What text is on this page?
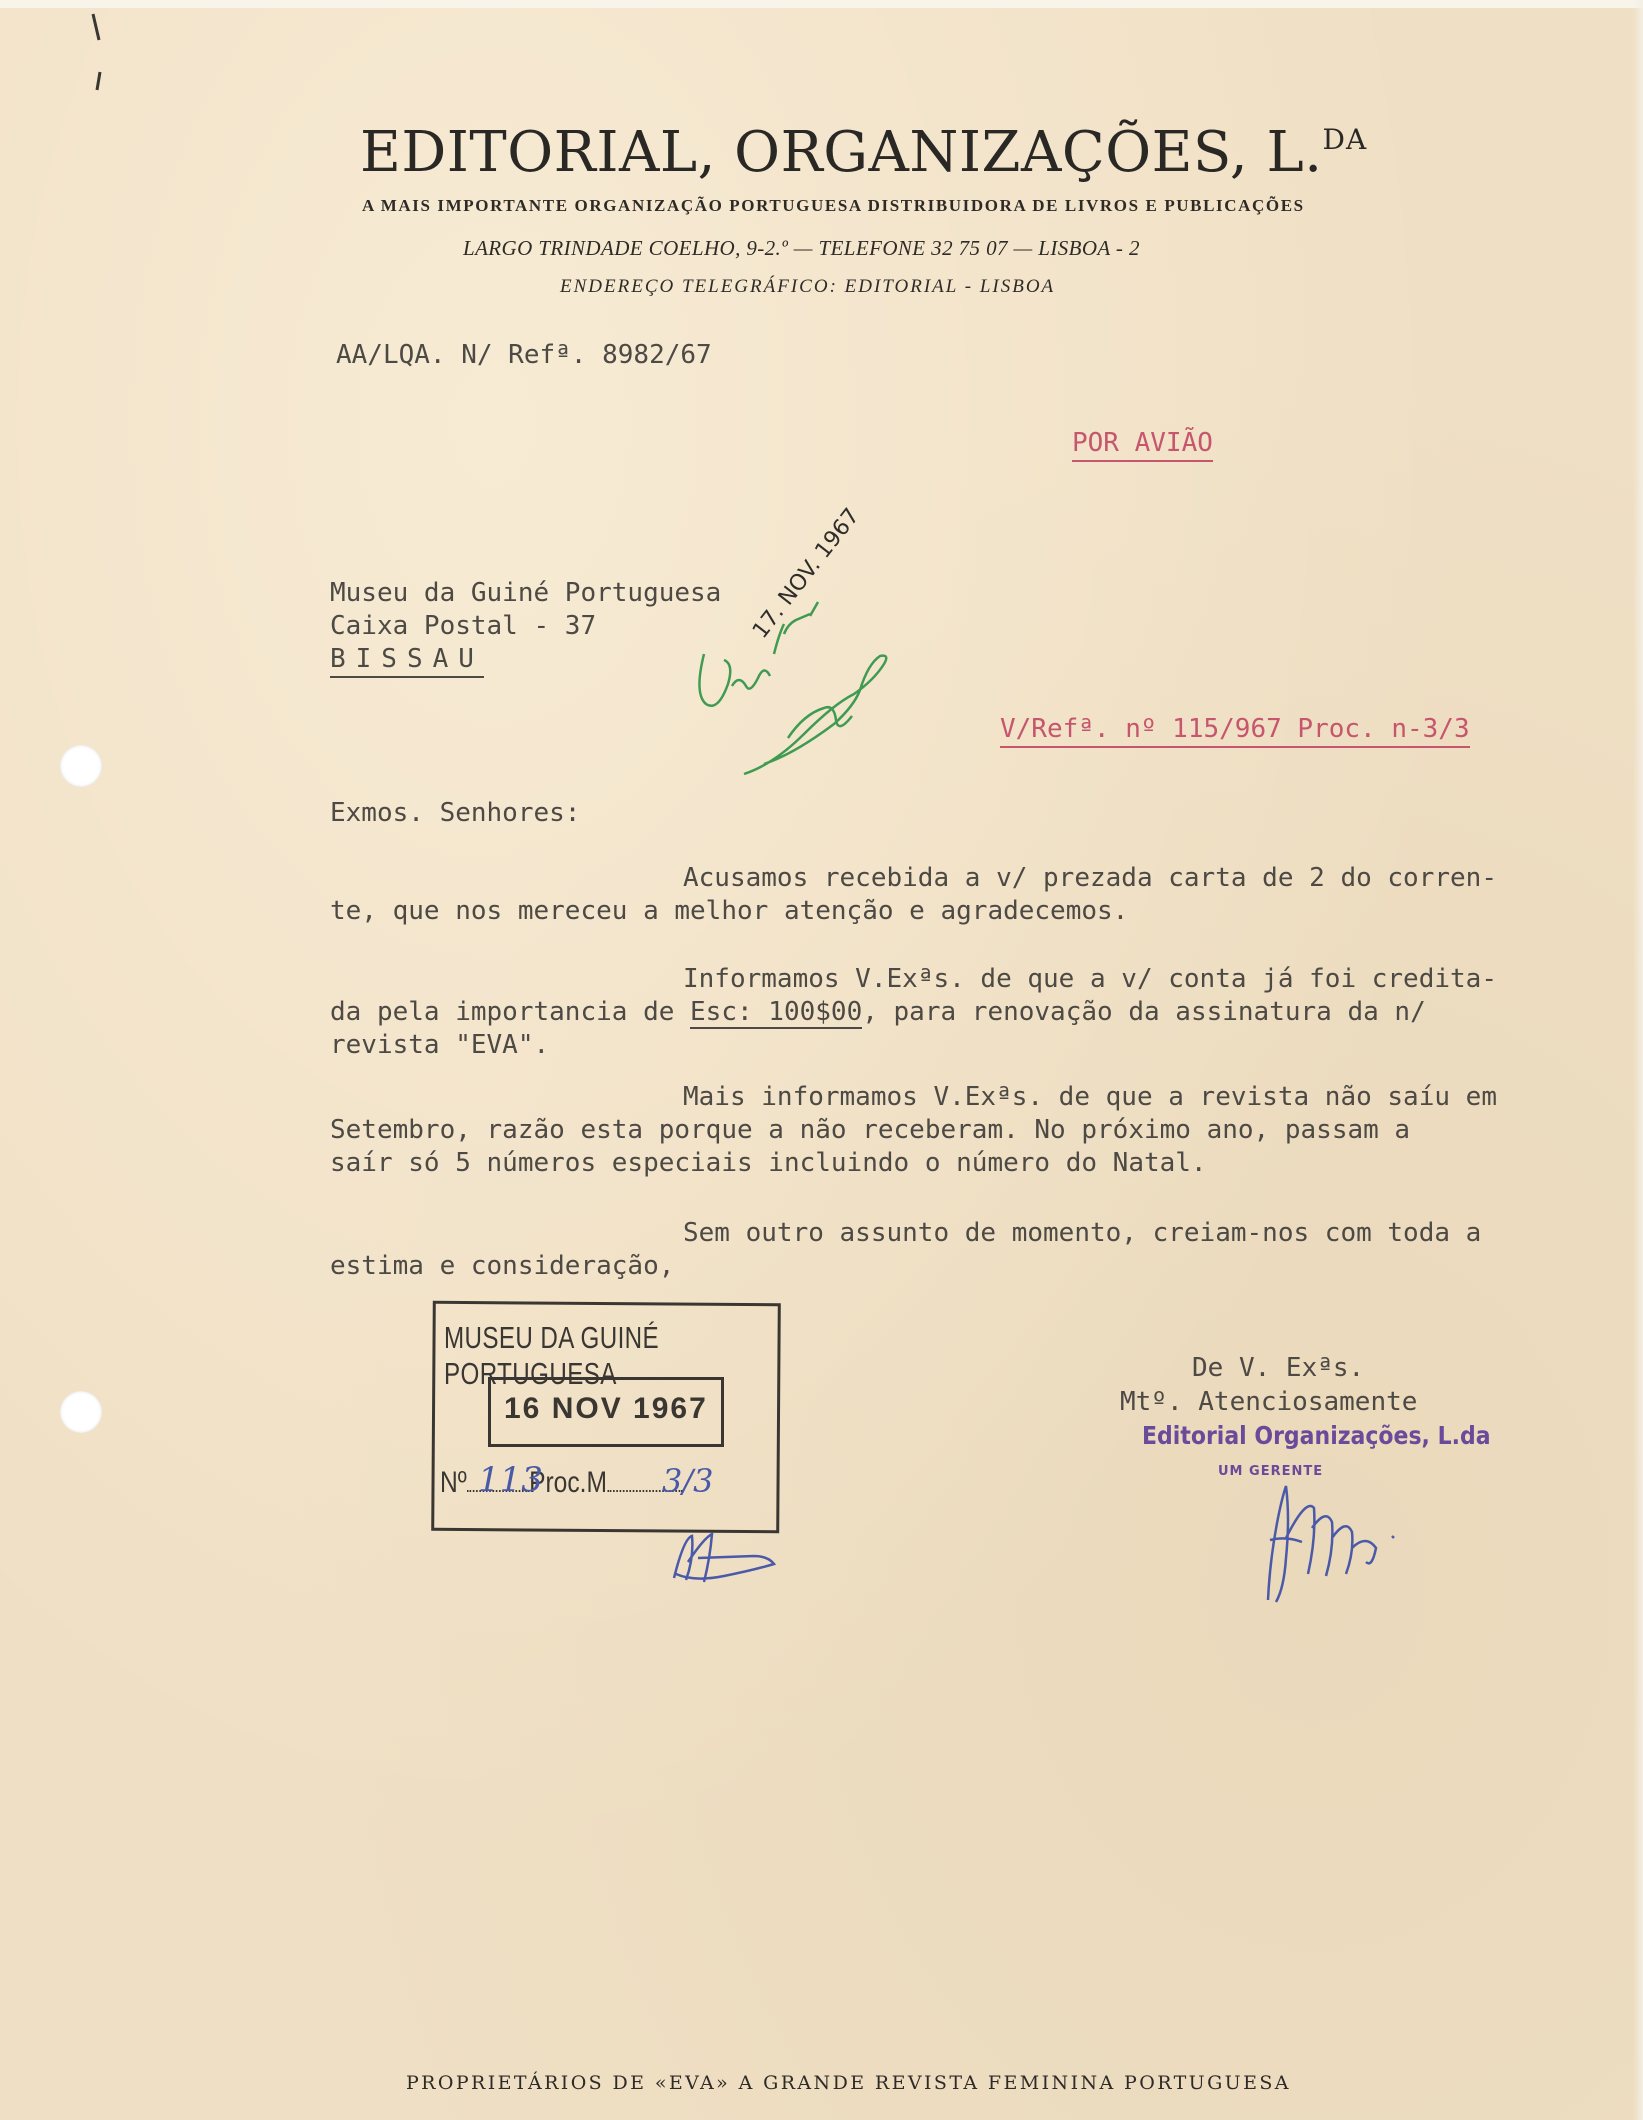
EDITORIAL, ORGANIZAÇÕES, L.$^{DA}$
A MAIS IMPORTANTE ORGANIZAÇÃO PORTUGUESA DISTRIBUIDORA DE LIVROS E PUBLICAÇÕES
LARGO TRINDADE COELHO, 9-2.º — TELEFONE 32 75 07 — LISBOA - 2
ENDEREÇO TELEGRÁFICO: EDITORIAL - LISBOA
AA/LQA. N/ Refª. 8982/67
POR AVIÃO
Museu da Guiné Portuguesa
Caixa Postal - 37
BISSAU
17. NOV. 1967
V/Refª. nº 115/967 Proc. n-3/3
Exmos. Senhores:
Acusamos recebida a v/ prezada carta de 2 do corren-
te, que nos mereceu a melhor atenção e agradecemos.
Informamos V.Exªs. de que a v/ conta já foi credita-
da pela importancia de Esc: 100$00, para renovação da assinatura da n/
revista "EVA".
Mais informamos V.Exªs. de que a revista não saíu em
Setembro, razão esta porque a não receberam. No próximo ano, passam a
saír só 5 números especiais incluindo o número do Natal.
Sem outro assunto de momento, creiam-nos com toda a
estima e consideração,
MUSEU DA GUINÉ PORTUGUESA
16 NOV 1967
Nº Proc.M
113	3/3
De V. Exªs.
Mtº. Atenciosamente
Editorial Organizações, L.da
UM GERENTE
PROPRIETÁRIOS DE «EVA» A GRANDE REVISTA FEMININA PORTUGUESA
